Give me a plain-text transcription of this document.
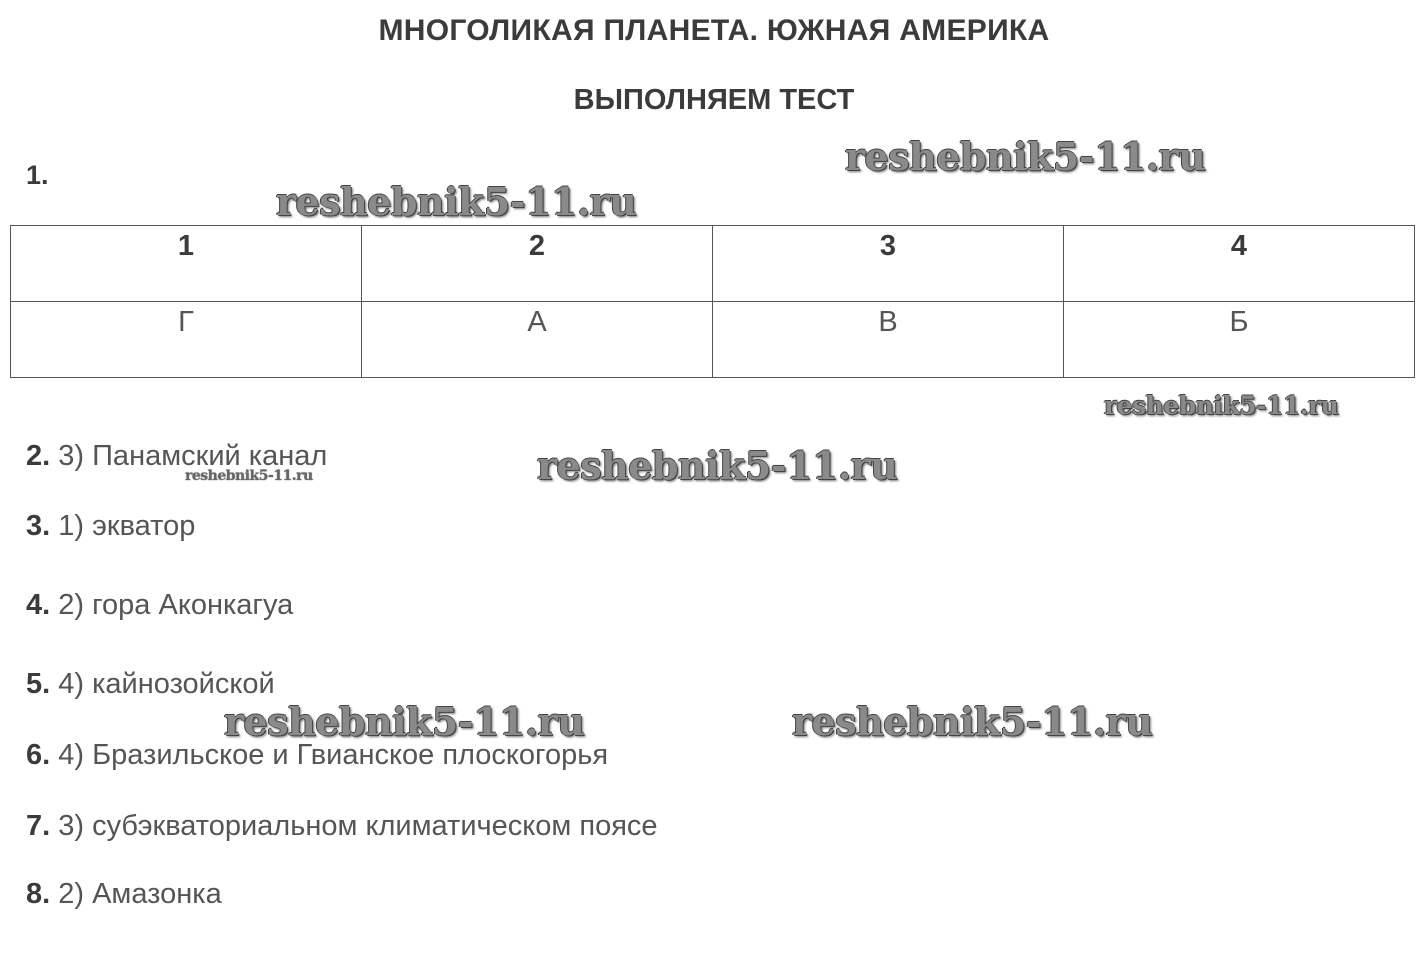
МНОГОЛИКАЯ ПЛАНЕТА. ЮЖНАЯ АМЕРИКА
ВЫПОЛНЯЕМ ТЕСТ
1.
1	2	3	4
Г	А	В	Б
2. 3) Панамский канал
3. 1) экватор
4. 2) гора Аконкагуа
5. 4) кайнозойской
6. 4) Бразильское и Гвианское плоскогорья
7. 3) субэкваториальном климатическом поясе
8. 2) Амазонка
reshebnik5-11.ru
reshebnik5-11.ru
reshebnik5-11.ru
reshebnik5-11.ru
reshebnik5-11.ru
reshebnik5-11.ru	reshebnik5-11.ru
